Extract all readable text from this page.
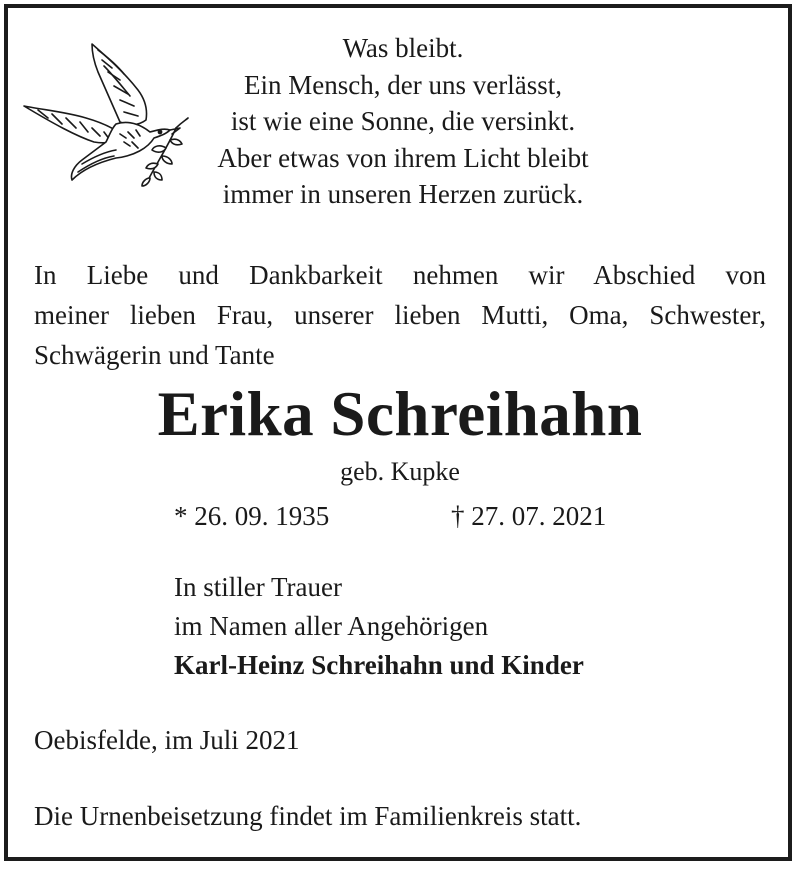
Was bleibt.
Ein Mensch, der uns verlässt,
ist wie eine Sonne, die versinkt.
Aber etwas von ihrem Licht bleibt
immer in unseren Herzen zurück.
In Liebe und Dankbarkeit nehmen wir Abschied von
meiner lieben Frau, unserer lieben Mutti, Oma, Schwester,
Schwägerin und Tante
Erika Schreihahn
geb. Kupke
* 26. 09. 1935	† 27. 07. 2021
In stiller Trauer
im Namen aller Angehörigen
Karl-Heinz Schreihahn und Kinder
Oebisfelde, im Juli 2021
Die Urnenbeisetzung findet im Familienkreis statt.
